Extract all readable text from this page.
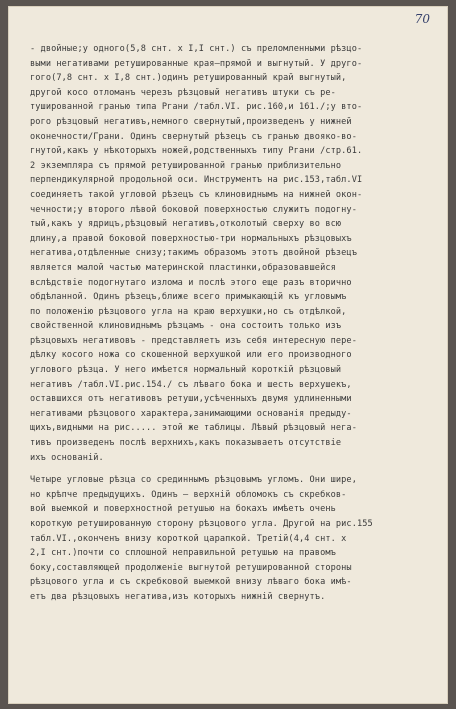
70
- двойные;у одного(5,8 снт. х I,I снт.) съ преломленными рѣзцо-
выми негативами ретушированные края—прямой и выгнутый. У друго-
гого(7,8 снт. х I,8 снт.)одинъ ретушированный край выгнутый,
другой косо отломанъ черезъ рѣзцовый негативъ штуки съ ре-
тушированной гранью типа Ргани /табл.VI. рис.160,и 161./;у вто-
рого рѣзцовый негативъ,немного свернутый,произведенъ у нижней
оконечности/Грани. Одинъ свернутый рѣзецъ съ гранью двояко-во-
гнутой,какъ у нѣкоторыхъ ножей,родственныхъ типу Ргани /стр.61.
2 экземпляра съ прямой ретушированной гранью приблизительно
перпендикулярной продольной оси. Инструментъ на рис.153,табл.VI
соединяетъ такой угловой рѣзецъ съ клиновиднымъ на нижней окон-
чечности;у второго лѣвой боковой поверхностью служитъ подогну-
тый,какъ у ядрицъ,рѣзцовый негативъ,отколотый сверху во всю
длину,а правой боковой поверхностью-три нормальныхъ рѣзцовыхъ
негатива,отдѣленные снизу;такимъ образомъ этотъ двойной рѣзецъ
является малой частью материнской пластинки,образовавшейся
вслѣдствіе подогнутаго излома и послѣ этого еще разъ вторично
обдѣланной. Одинъ рѣзецъ,ближе всего примыкающій къ угловымъ
по положенію рѣзцового угла на краю верхушки,но съ отдѣлкой,
свойственной клиновиднымъ рѣзцамъ - она состоитъ только изъ
рѣзцовыхъ негативовъ - представляетъ изъ себя интересную пере-
дѣлку косого ножа со скошенной верхушкой или его производного
углового рѣзца. У него имѣется нормальный короткій рѣзцовый
негативъ /табл.VI.рис.154./ съ лѣваго бока и шесть верхушекъ,
оставшихся отъ негативовъ ретуши,усѣченныхъ двумя удлиненными
негативами рѣзцового характера,занимающими основанія предыду-
щихъ,видными на рис..... этой же таблицы. Лѣвый рѣзцовый нега-
тивъ произведенъ послѣ верхнихъ,какъ показываетъ отсутствіе
ихъ основаній.
Четыре угловые рѣзца со срединнымъ рѣзцовымъ угломъ. Они шире,
но крѣпче предыдущихъ. Одинъ — верхній обломокъ съ скребков-
вой выемкой и поверхностной ретушью на бокахъ имѣетъ очень
короткую ретушированную сторону рѣзцового угла. Другой на рис.155
табл.VI.,оконченъ внизу короткой царапкой. Третій(4,4 снт. х
2,I снт.)почти со сплошной неправильной ретушью на правомъ
боку,составляющей продолженіе выгнутой ретушированной стороны
рѣзцового угла и съ скребковой выемкой внизу лѣваго бока имѣ-
етъ два рѣзцовыхъ негатива,изъ которыхъ нижній свернутъ.
